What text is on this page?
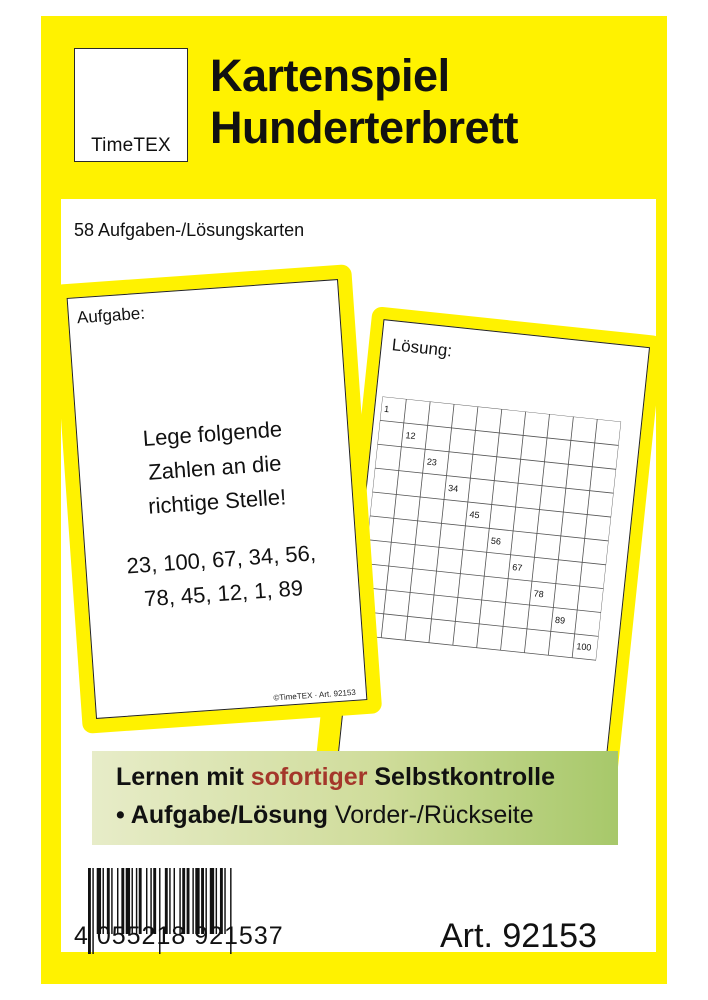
TimeTEX
Kartenspiel
Hunderterbrett
58 Aufgaben-/Lösungskarten
Lösung:
1
12
23
34
45
56
67
78
89
100
Aufgabe:
Lege folgende
Zahlen an die
richtige Stelle!
23, 100, 67, 34, 56,
78, 45, 12, 1, 89
©TimeTEX · Art. 92153
Lernen mit sofortiger Selbstkontrolle
• Aufgabe/Lösung Vorder-/Rückseite
4 055218 921537	Art. 92153
